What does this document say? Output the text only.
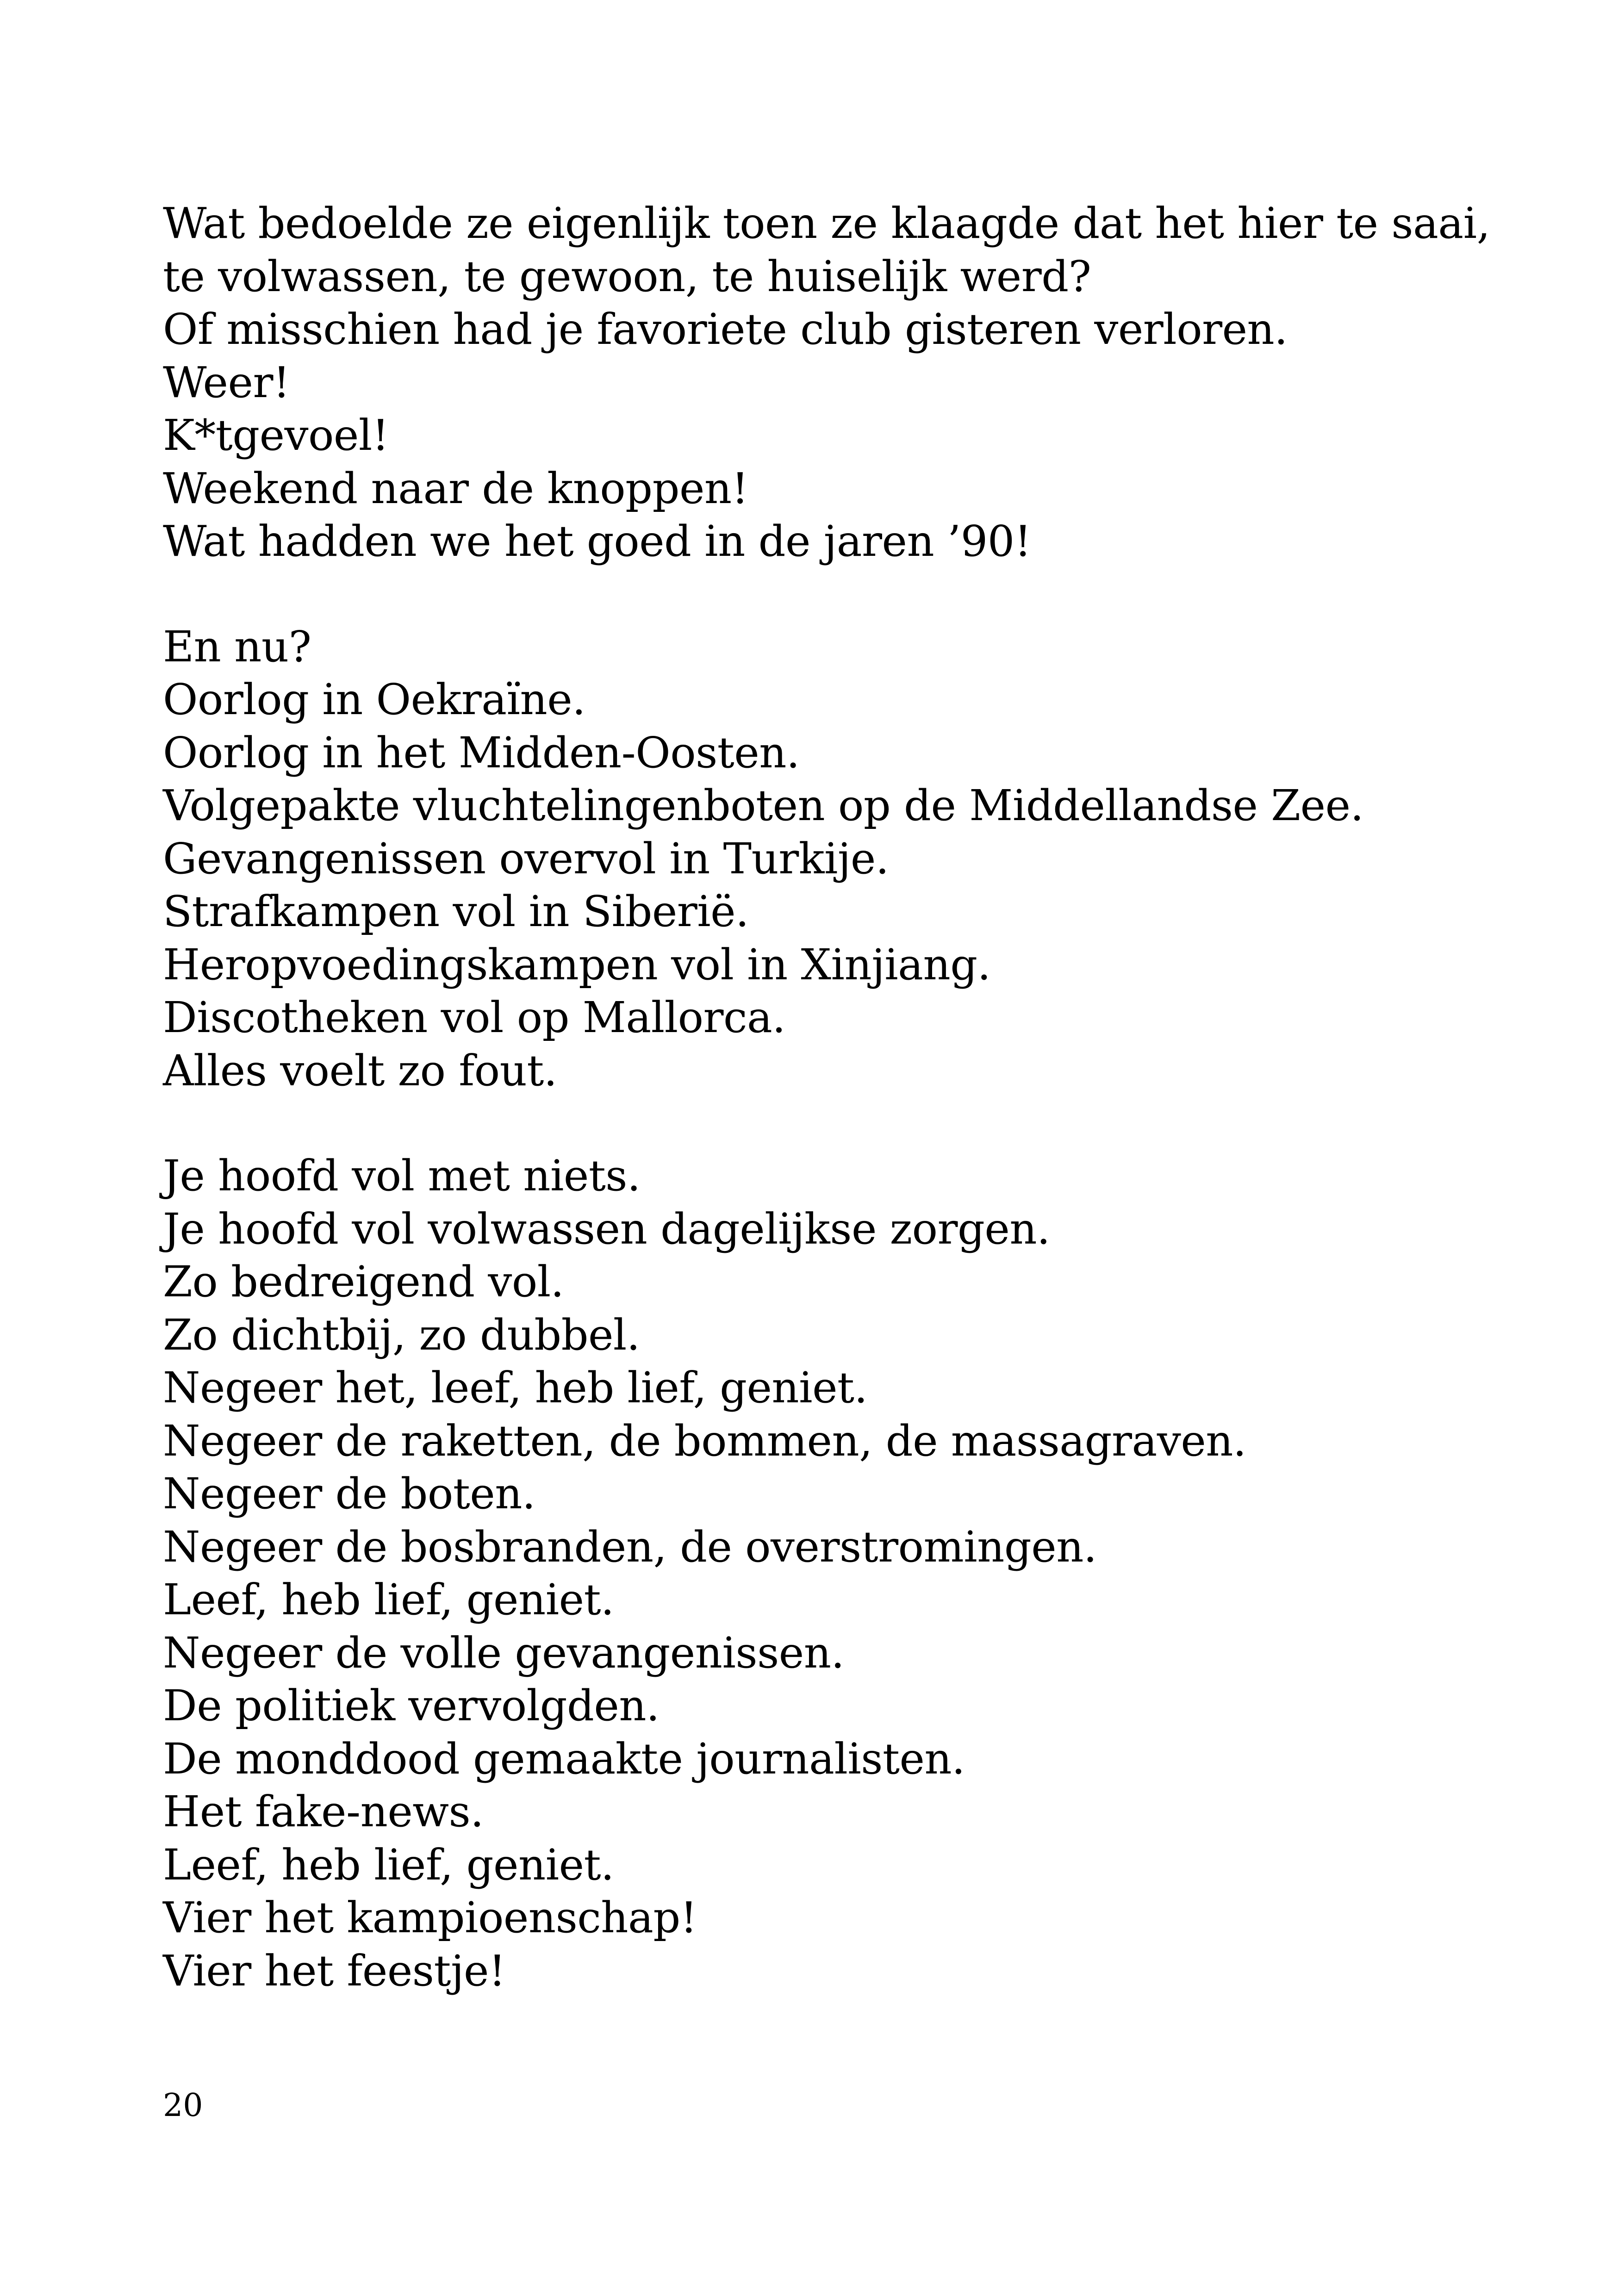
Wat bedoelde ze eigenlijk toen ze klaagde dat het hier te saai,
te volwassen, te gewoon, te huiselijk werd?
Of misschien had je favoriete club gisteren verloren.
Weer!
K*tgevoel!
Weekend naar de knoppen!
Wat hadden we het goed in de jaren ’90!
En nu?
Oorlog in Oekraïne.
Oorlog in het Midden-Oosten.
Volgepakte vluchtelingenboten op de Middellandse Zee.
Gevangenissen overvol in Turkije.
Strafkampen vol in Siberië.
Heropvoedingskampen vol in Xinjiang.
Discotheken vol op Mallorca.
Alles voelt zo fout.
Je hoofd vol met niets.
Je hoofd vol volwassen dagelijkse zorgen.
Zo bedreigend vol.
Zo dichtbij, zo dubbel.
Negeer het, leef, heb lief, geniet.
Negeer de raketten, de bommen, de massagraven.
Negeer de boten.
Negeer de bosbranden, de overstromingen.
Leef, heb lief, geniet.
Negeer de volle gevangenissen.
De politiek vervolgden.
De monddood gemaakte journalisten.
Het fake-news.
Leef, heb lief, geniet.
Vier het kampioenschap!
Vier het feestje!
20
